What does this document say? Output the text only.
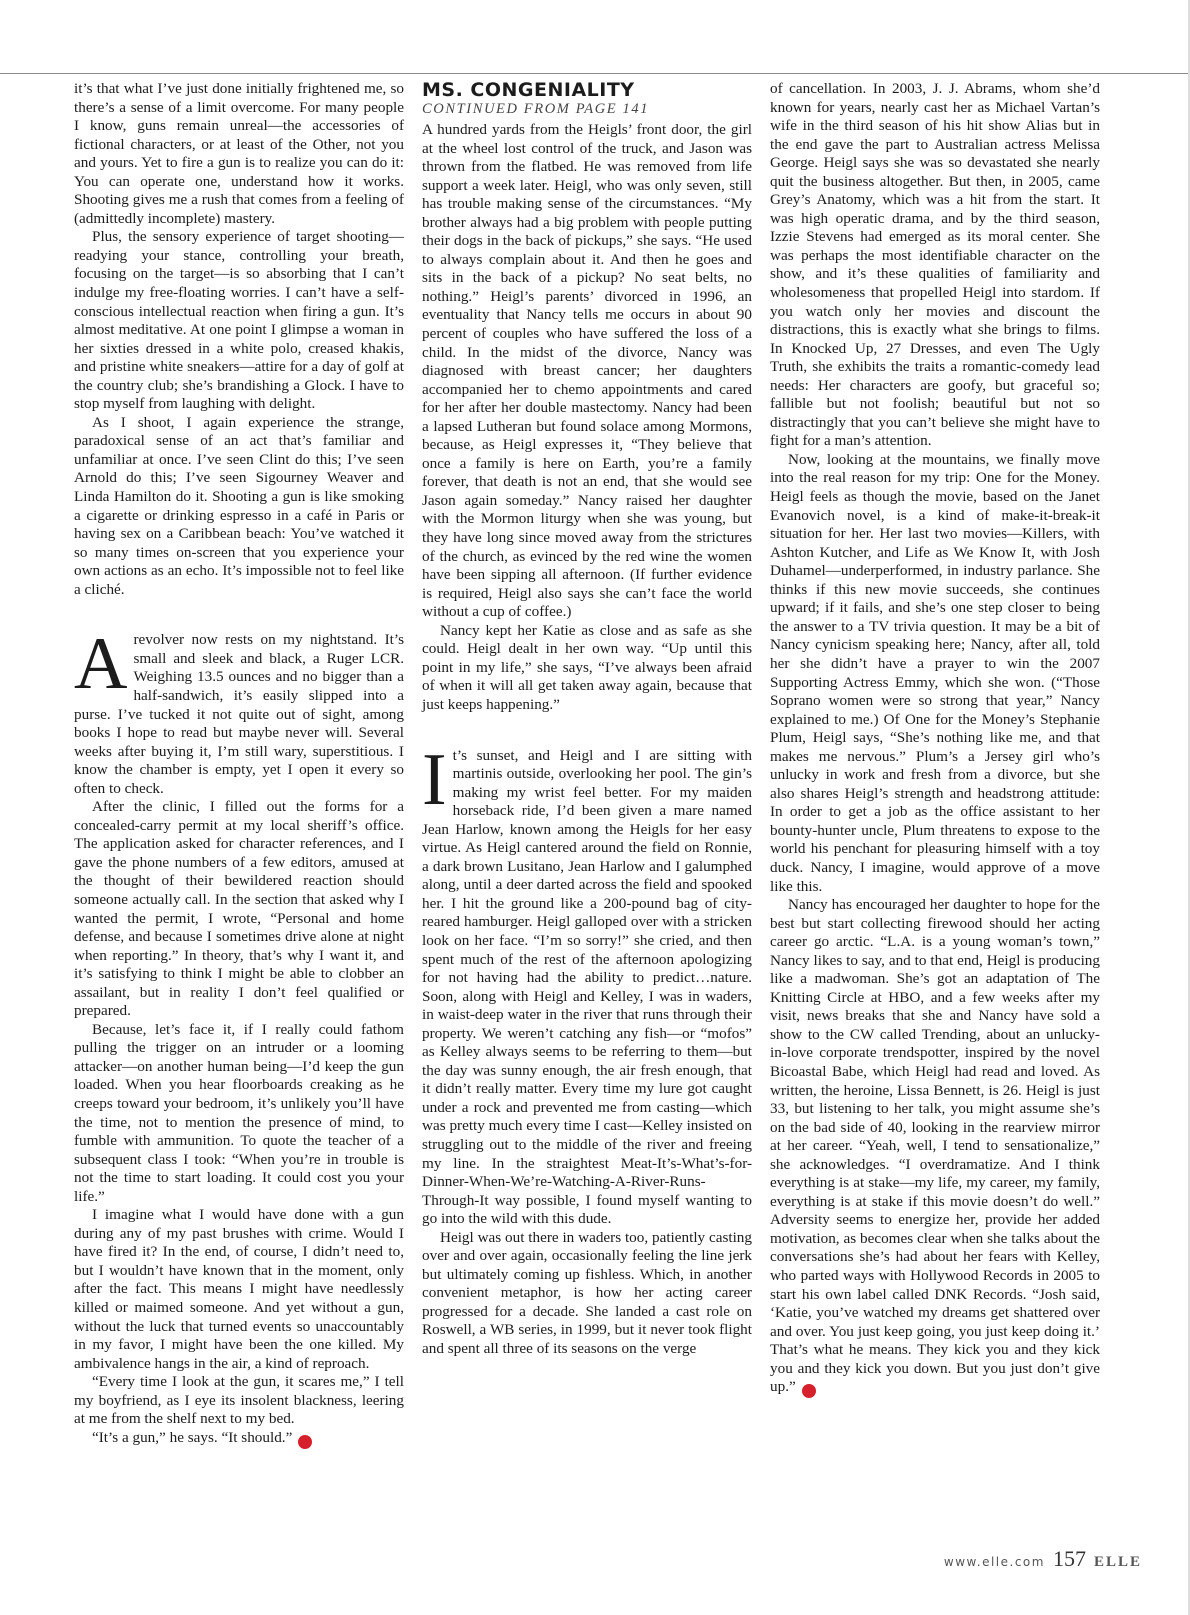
it’s that what I’ve just done initially frightened me, so there’s a sense of a limit overcome. For many people I know, guns remain unreal—the accessories of fictional characters, or at least of the Other, not you and yours. Yet to fire a gun is to realize you can do it: You can operate one, understand how it works. Shooting gives me a rush that comes from a feeling of (admittedly incomplete) mastery.

Plus, the sensory experience of target shooting—readying your stance, controlling your breath, focusing on the target—is so absorbing that I can’t indulge my free-floating worries. I can’t have a self-conscious intellectual reaction when firing a gun. It’s almost meditative. At one point I glimpse a woman in her sixties dressed in a white polo, creased khakis, and pristine white sneakers—attire for a day of golf at the country club; she’s brandishing a Glock. I have to stop myself from laughing with delight.

As I shoot, I again experience the strange, paradoxical sense of an act that’s familiar and unfamiliar at once. I’ve seen Clint do this; I’ve seen Arnold do this; I’ve seen Sigourney Weaver and Linda Hamilton do it. Shooting a gun is like smoking a cigarette or drinking espresso in a café in Paris or having sex on a Caribbean beach: You’ve watched it so many times on-screen that you experience your own actions as an echo. It’s impossible not to feel like a cliché.

Arevolver now rests on my nightstand. It’s small and sleek and black, a Ruger LCR. Weighing 13.5 ounces and no bigger than a half-sandwich, it’s easily slipped into a purse. I’ve tucked it not quite out of sight, among books I hope to read but maybe never will. Several weeks after buying it, I’m still wary, superstitious. I know the chamber is empty, yet I open it every so often to check.

After the clinic, I filled out the forms for a concealed-carry permit at my local sheriff’s office. The application asked for character references, and I gave the phone numbers of a few editors, amused at the thought of their bewildered reaction should someone actually call. In the section that asked why I wanted the permit, I wrote, “Personal and home defense, and because I sometimes drive alone at night when reporting.” In theory, that’s why I want it, and it’s satisfying to think I might be able to clobber an assailant, but in reality I don’t feel qualified or prepared.

Because, let’s face it, if I really could fathom pulling the trigger on an intruder or a looming attacker—on another human being—I’d keep the gun loaded. When you hear floorboards creaking as he creeps toward your bedroom, it’s unlikely you’ll have the time, not to mention the presence of mind, to fumble with ammunition. To quote the teacher of a subsequent class I took: “When you’re in trouble is not the time to start loading. It could cost you your life.”

I imagine what I would have done with a gun during any of my past brushes with crime. Would I have fired it? In the end, of course, I didn’t need to, but I wouldn’t have known that in the moment, only after the fact. This means I might have needlessly killed or maimed someone. And yet without a gun, without the luck that turned events so unaccountably in my favor, I might have been the one killed. My ambivalence hangs in the air, a kind of reproach.

“Every time I look at the gun, it scares me,” I tell my boyfriend, as I eye its insolent blackness, leering at me from the shelf next to my bed.

“It’s a gun,” he says. “It should.” ✕

MS. CONGENIALITY
CONTINUED FROM PAGE 141

A hundred yards from the Heigls’ front door, the girl at the wheel lost control of the truck, and Jason was thrown from the flatbed. He was removed from life support a week later. Heigl, who was only seven, still has trouble making sense of the circumstances. “My brother always had a big problem with people putting their dogs in the back of pickups,” she says. “He used to always complain about it. And then he goes and sits in the back of a pickup? No seat belts, no nothing.” Heigl’s parents’ divorced in 1996, an eventuality that Nancy tells me occurs in about 90 percent of couples who have suffered the loss of a child. In the midst of the divorce, Nancy was diagnosed with breast cancer; her daughters accompanied her to chemo appointments and cared for her after her double mastectomy. Nancy had been a lapsed Lutheran but found solace among Mormons, because, as Heigl expresses it, “They believe that once a family is here on Earth, you’re a family forever, that death is not an end, that she would see Jason again someday.” Nancy raised her daughter with the Mormon liturgy when she was young, but they have long since moved away from the strictures of the church, as evinced by the red wine the women have been sipping all afternoon. (If further evidence is required, Heigl also says she can’t face the world without a cup of coffee.)

Nancy kept her Katie as close and as safe as she could. Heigl dealt in her own way. “Up until this point in my life,” she says, “I’ve always been afraid of when it will all get taken away again, because that just keeps happening.”

It’s sunset, and Heigl and I are sitting with martinis outside, overlooking her pool. The gin’s making my wrist feel better. For my maiden horseback ride, I’d been given a mare named Jean Harlow, known among the Heigls for her easy virtue. As Heigl cantered around the field on Ronnie, a dark brown Lusitano, Jean Harlow and I galumphed along, until a deer darted across the field and spooked her. I hit the ground like a 200-pound bag of city-reared hamburger. Heigl galloped over with a stricken look on her face. “I’m so sorry!” she cried, and then spent much of the rest of the afternoon apologizing for not having had the ability to predict…nature. Soon, along with Heigl and Kelley, I was in waders, in waist-deep water in the river that runs through their property. We weren’t catching any fish—or “mofos” as Kelley always seems to be referring to them—but the day was sunny enough, the air fresh enough, that it didn’t really matter. Every time my lure got caught under a rock and prevented me from casting—which was pretty much every time I cast—Kelley insisted on struggling out to the middle of the river and freeing my line. In the straightest Meat-It’s-What’s-for-Dinner-When-We’re-Watching-A-River-Runs-Through-It way possible, I found myself wanting to go into the wild with this dude.

Heigl was out there in waders too, patiently casting over and over again, occasionally feeling the line jerk but ultimately coming up fishless. Which, in another convenient metaphor, is how her acting career progressed for a decade. She landed a cast role on Roswell, a WB series, in 1999, but it never took flight and spent all three of its seasons on the verge

of cancellation. In 2003, J. J. Abrams, whom she’d known for years, nearly cast her as Michael Vartan’s wife in the third season of his hit show Alias but in the end gave the part to Australian actress Melissa George. Heigl says she was so devastated she nearly quit the business altogether. But then, in 2005, came Grey’s Anatomy, which was a hit from the start. It was high operatic drama, and by the third season, Izzie Stevens had emerged as its moral center. She was perhaps the most identifiable character on the show, and it’s these qualities of familiarity and wholesomeness that propelled Heigl into stardom. If you watch only her movies and discount the distractions, this is exactly what she brings to films. In Knocked Up, 27 Dresses, and even The Ugly Truth, she exhibits the traits a romantic-comedy lead needs: Her characters are goofy, but graceful so; fallible but not foolish; beautiful but not so distractingly that you can’t believe she might have to fight for a man’s attention.

Now, looking at the mountains, we finally move into the real reason for my trip: One for the Money. Heigl feels as though the movie, based on the Janet Evanovich novel, is a kind of make-it-break-it situation for her. Her last two movies—Killers, with Ashton Kutcher, and Life as We Know It, with Josh Duhamel—underperformed, in industry parlance. She thinks if this new movie succeeds, she continues upward; if it fails, and she’s one step closer to being the answer to a TV trivia question. It may be a bit of Nancy cynicism speaking here; Nancy, after all, told her she didn’t have a prayer to win the 2007 Supporting Actress Emmy, which she won. (“Those Soprano women were so strong that year,” Nancy explained to me.) Of One for the Money’s Stephanie Plum, Heigl says, “She’s nothing like me, and that makes me nervous.” Plum’s a Jersey girl who’s unlucky in work and fresh from a divorce, but she also shares Heigl’s strength and headstrong attitude: In order to get a job as the office assistant to her bounty-hunter uncle, Plum threatens to expose to the world his penchant for pleasuring himself with a toy duck. Nancy, I imagine, would approve of a move like this.

Nancy has encouraged her daughter to hope for the best but start collecting firewood should her acting career go arctic. “L.A. is a young woman’s town,” Nancy likes to say, and to that end, Heigl is producing like a madwoman. She’s got an adaptation of The Knitting Circle at HBO, and a few weeks after my visit, news breaks that she and Nancy have sold a show to the CW called Trending, about an unlucky-in-love corporate trendspotter, inspired by the novel Bicoastal Babe, which Heigl had read and loved. As written, the heroine, Lissa Bennett, is 26. Heigl is just 33, but listening to her talk, you might assume she’s on the bad side of 40, looking in the rearview mirror at her career. “Yeah, well, I tend to sensationalize,” she acknowledges. “I overdramatize. And I think everything is at stake—my life, my career, my family, everything is at stake if this movie doesn’t do well.” Adversity seems to energize her, provide her added motivation, as becomes clear when she talks about the conversations she’s had about her fears with Kelley, who parted ways with Hollywood Records in 2005 to start his own label called DNK Records. “Josh said, ‘Katie, you’ve watched my dreams get shattered over and over. You just keep going, you just keep doing it.’ That’s what he means. They kick you and they kick you and they kick you down. But you just don’t give up.” ✕

www.elle.com 157 ELLE
